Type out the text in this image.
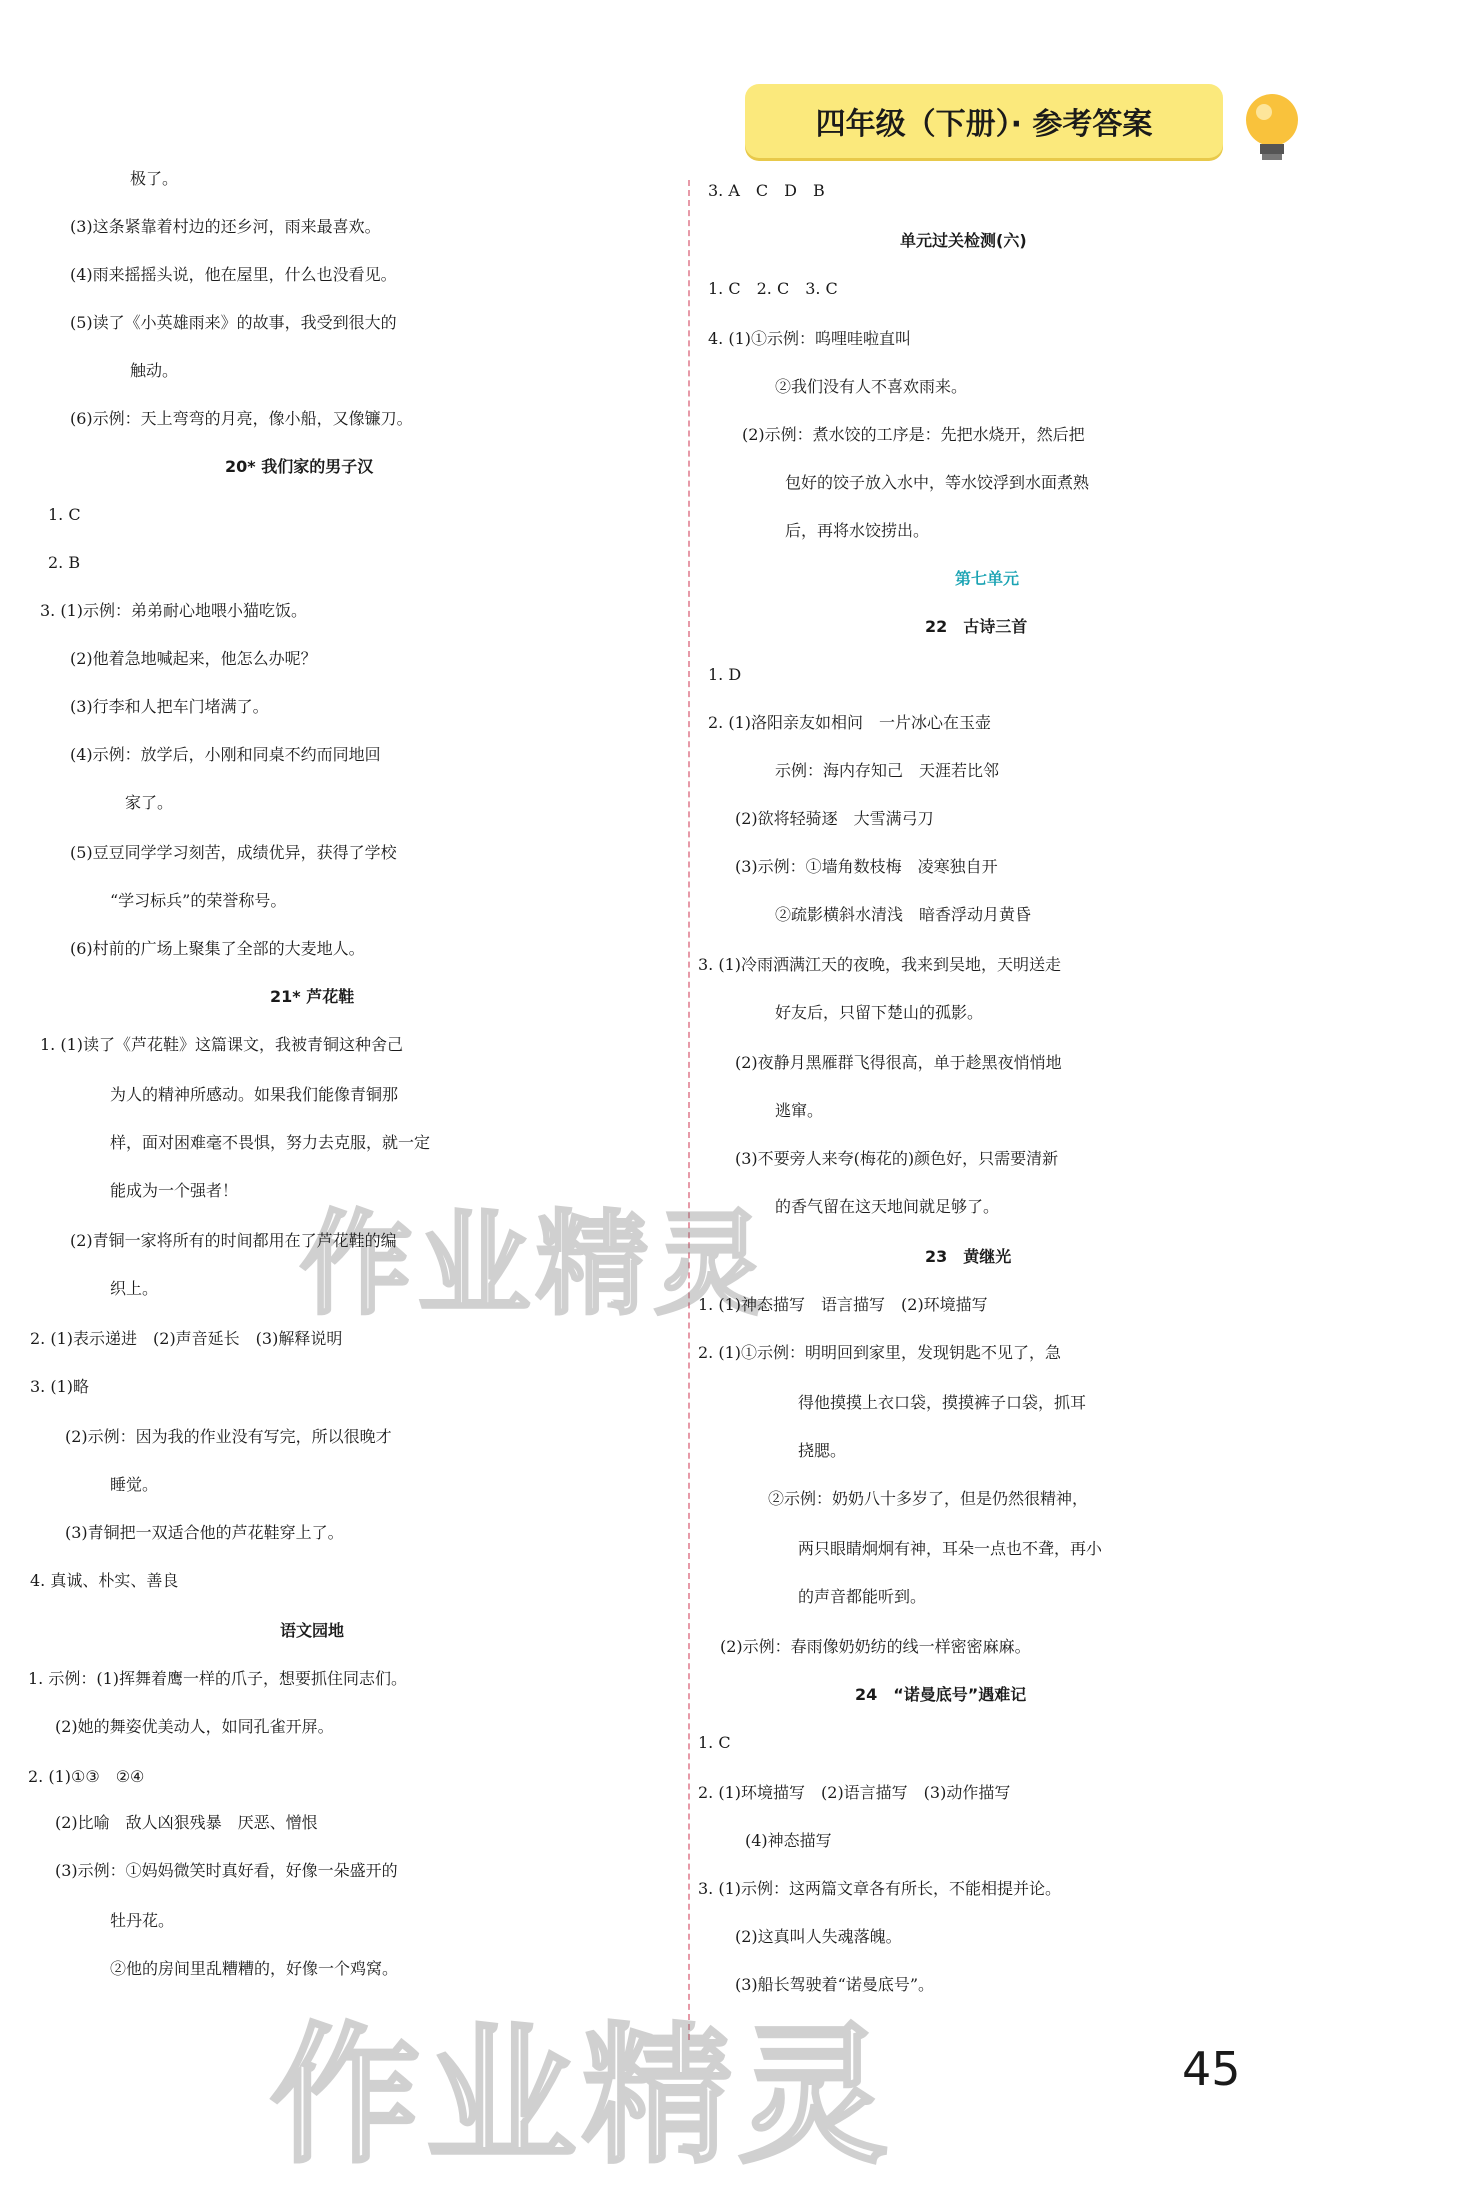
四年级（下册）· 参考答案
作业精灵
作业精灵	45
极了。
(3)这条紧靠着村边的还乡河，雨来最喜欢。
(4)雨来摇摇头说，他在屋里，什么也没看见。
(5)读了《小英雄雨来》的故事，我受到很大的
触动。
(6)示例：天上弯弯的月亮，像小船，又像镰刀。
20* 我们家的男子汉
1. C
2. B
3. (1)示例：弟弟耐心地喂小猫吃饭。
(2)他着急地喊起来，他怎么办呢？
(3)行李和人把车门堵满了。
(4)示例：放学后，小刚和同桌不约而同地回
家了。
(5)豆豆同学学习刻苦，成绩优异，获得了学校
“学习标兵”的荣誉称号。
(6)村前的广场上聚集了全部的大麦地人。
21* 芦花鞋
1. (1)读了《芦花鞋》这篇课文，我被青铜这种舍己
为人的精神所感动。如果我们能像青铜那
样，面对困难毫不畏惧，努力去克服，就一定
能成为一个强者！
(2)青铜一家将所有的时间都用在了芦花鞋的编
织上。
2. (1)表示递进　(2)声音延长　(3)解释说明
3. (1)略
(2)示例：因为我的作业没有写完，所以很晚才
睡觉。
(3)青铜把一双适合他的芦花鞋穿上了。
4. 真诚、朴实、善良
语文园地
1. 示例：(1)挥舞着鹰一样的爪子，想要抓住同志们。
(2)她的舞姿优美动人，如同孔雀开屏。
2. (1)①③　②④
(2)比喻　敌人凶狠残暴　厌恶、憎恨
(3)示例：①妈妈微笑时真好看，好像一朵盛开的
牡丹花。
②他的房间里乱糟糟的，好像一个鸡窝。
3. A　C　D　B
单元过关检测(六)
1. C　2. C　3. C
4. (1)①示例：呜哩哇啦直叫
②我们没有人不喜欢雨来。
(2)示例：煮水饺的工序是：先把水烧开，然后把
包好的饺子放入水中，等水饺浮到水面煮熟
后，再将水饺捞出。
第七单元
22　古诗三首
1. D
2. (1)洛阳亲友如相问　一片冰心在玉壶
示例：海内存知己　天涯若比邻
(2)欲将轻骑逐　大雪满弓刀
(3)示例：①墙角数枝梅　凌寒独自开
②疏影横斜水清浅　暗香浮动月黄昏
3. (1)冷雨洒满江天的夜晚，我来到吴地，天明送走
好友后，只留下楚山的孤影。
(2)夜静月黑雁群飞得很高，单于趁黑夜悄悄地
逃窜。
(3)不要旁人来夸(梅花的)颜色好，只需要清新
的香气留在这天地间就足够了。
23　黄继光
1. (1)神态描写　语言描写　(2)环境描写
2. (1)①示例：明明回到家里，发现钥匙不见了，急
得他摸摸上衣口袋，摸摸裤子口袋，抓耳
挠腮。
②示例：奶奶八十多岁了，但是仍然很精神，
两只眼睛炯炯有神，耳朵一点也不聋，再小
的声音都能听到。
(2)示例：春雨像奶奶纺的线一样密密麻麻。
24　“诺曼底号”遇难记
1. C
2. (1)环境描写　(2)语言描写　(3)动作描写
(4)神态描写
3. (1)示例：这两篇文章各有所长，不能相提并论。
(2)这真叫人失魂落魄。
(3)船长驾驶着“诺曼底号”。
